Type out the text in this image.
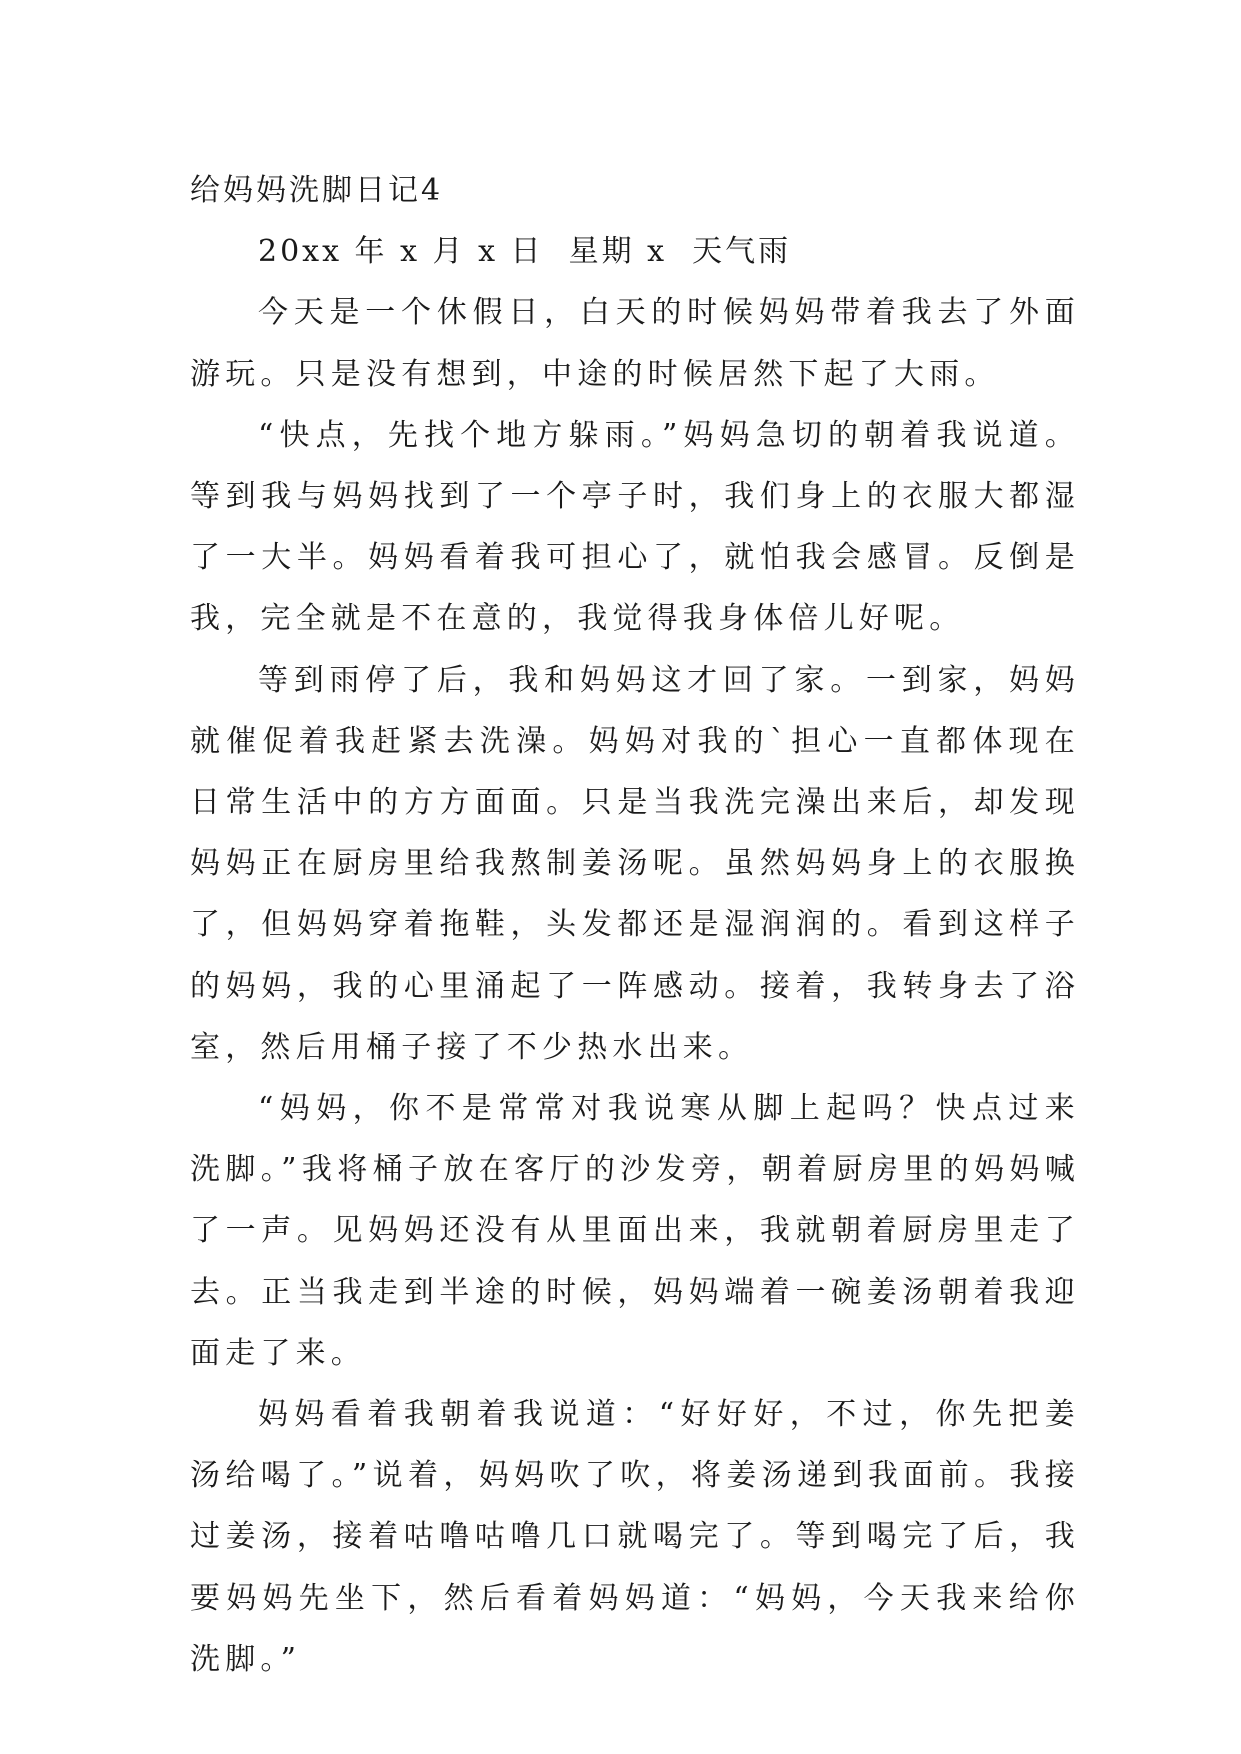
给妈妈洗脚日记4

20xx 年 x 月 x 日  星期 x  天气雨

今天是一个休假日，白天的时候妈妈带着我去了外面游玩。只是没有想到，中途的时候居然下起了大雨。

“快点，先找个地方躲雨。”妈妈急切的朝着我说道。等到我与妈妈找到了一个亭子时，我们身上的衣服大都湿了一大半。妈妈看着我可担心了，就怕我会感冒。反倒是我，完全就是不在意的，我觉得我身体倍儿好呢。

等到雨停了后，我和妈妈这才回了家。一到家，妈妈就催促着我赶紧去洗澡。妈妈对我的`担心一直都体现在日常生活中的方方面面。只是当我洗完澡出来后，却发现妈妈正在厨房里给我熬制姜汤呢。虽然妈妈身上的衣服换了，但妈妈穿着拖鞋，头发都还是湿润润的。看到这样子的妈妈，我的心里涌起了一阵感动。接着，我转身去了浴室，然后用桶子接了不少热水出来。

“妈妈，你不是常常对我说寒从脚上起吗？快点过来洗脚。”我将桶子放在客厅的沙发旁，朝着厨房里的妈妈喊了一声。见妈妈还没有从里面出来，我就朝着厨房里走了去。正当我走到半途的时候，妈妈端着一碗姜汤朝着我迎面走了来。

妈妈看着我朝着我说道：“好好好，不过，你先把姜汤给喝了。”说着，妈妈吹了吹，将姜汤递到我面前。我接过姜汤，接着咕噜咕噜几口就喝完了。等到喝完了后，我要妈妈先坐下，然后看着妈妈道：“妈妈，今天我来给你洗脚。”
